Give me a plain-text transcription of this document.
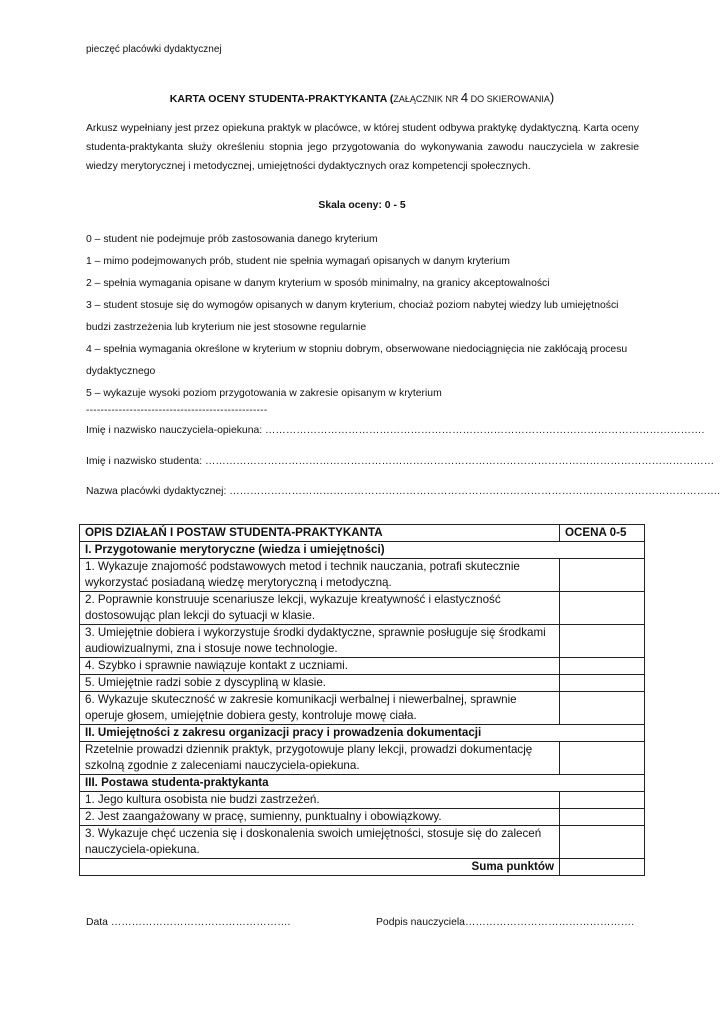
pieczęć placówki dydaktycznej
KARTA OCENY STUDENTA-PRAKTYKANTA (ZAŁĄCZNIK NR 4 DO SKIEROWANIA)
Arkusz wypełniany jest przez opiekuna praktyk w placówce, w której student odbywa praktykę dydaktyczną. Karta oceny studenta-praktykanta służy określeniu stopnia jego przygotowania do wykonywania zawodu nauczyciela w zakresie wiedzy merytorycznej i metodycznej, umiejętności dydaktycznych oraz kompetencji społecznych.
Skala oceny: 0 - 5

0 – student nie podejmuje prób zastosowania danego kryterium

1 – mimo podejmowanych prób, student nie spełnia wymagań opisanych w danym kryterium

2 – spełnia wymagania opisane w danym kryterium w sposób minimalny, na granicy akceptowalności

3 – student stosuje się do wymogów opisanych w danym kryterium, chociaż poziom nabytej wiedzy lub umiejętności budzi zastrzeżenia lub kryterium nie jest stosowne regularnie

4 – spełnia wymagania określone w kryterium w stopniu dobrym, obserwowane niedociągnięcia nie zakłócają procesu dydaktycznego

5 – wykazuje wysoki poziom przygotowania w zakresie opisanym w kryterium

--------------------------------------------------
Imię i nazwisko nauczyciela-opiekuna: ……………………………………………………………………………………………………………….
Imię i nazwisko studenta: …………………………………………………………………………………………………………………………………
Nazwa placówki dydaktycznej: ………………………………………………………………………………………………………………………….…
OPIS DZIAŁAŃ I POSTAW STUDENTA-PRAKTYKANTA	OCENA 0-5
I. Przygotowanie merytoryczne (wiedza i umiejętności)	
1. Wykazuje znajomość podstawowych metod i technik nauczania, potrafi skutecznie wykorzystać posiadaną wiedzę merytoryczną i metodyczną.	
2. Poprawnie konstruuje scenariusze lekcji, wykazuje kreatywność i elastyczność dostosowując plan lekcji do sytuacji w klasie.	
3. Umiejętnie dobiera i wykorzystuje środki dydaktyczne, sprawnie posługuje się środkami audiowizualnymi, zna i stosuje nowe technologie.	
4. Szybko i sprawnie nawiązuje kontakt z uczniami.	
5. Umiejętnie radzi sobie z dyscypliną w klasie.	
6. Wykazuje skuteczność w zakresie komunikacji werbalnej i niewerbalnej, sprawnie operuje głosem, umiejętnie dobiera gesty, kontroluje mowę ciała.	
II. Umiejętności z zakresu organizacji pracy i prowadzenia dokumentacji	
Rzetelnie prowadzi dziennik praktyk, przygotowuje plany lekcji, prowadzi dokumentację szkolną zgodnie z zaleceniami nauczyciela-opiekuna.	
III. Postawa studenta-praktykanta	
1. Jego kultura osobista nie budzi zastrzeżeń.	
2. Jest zaangażowany w pracę, sumienny, punktualny i obowiązkowy.	
3. Wykazuje chęć uczenia się i doskonalenia swoich umiejętności, stosuje się do zaleceń nauczyciela-opiekuna.	
Suma punktów	
Data …………………………………………….	Podpis nauczyciela………………………………………….
